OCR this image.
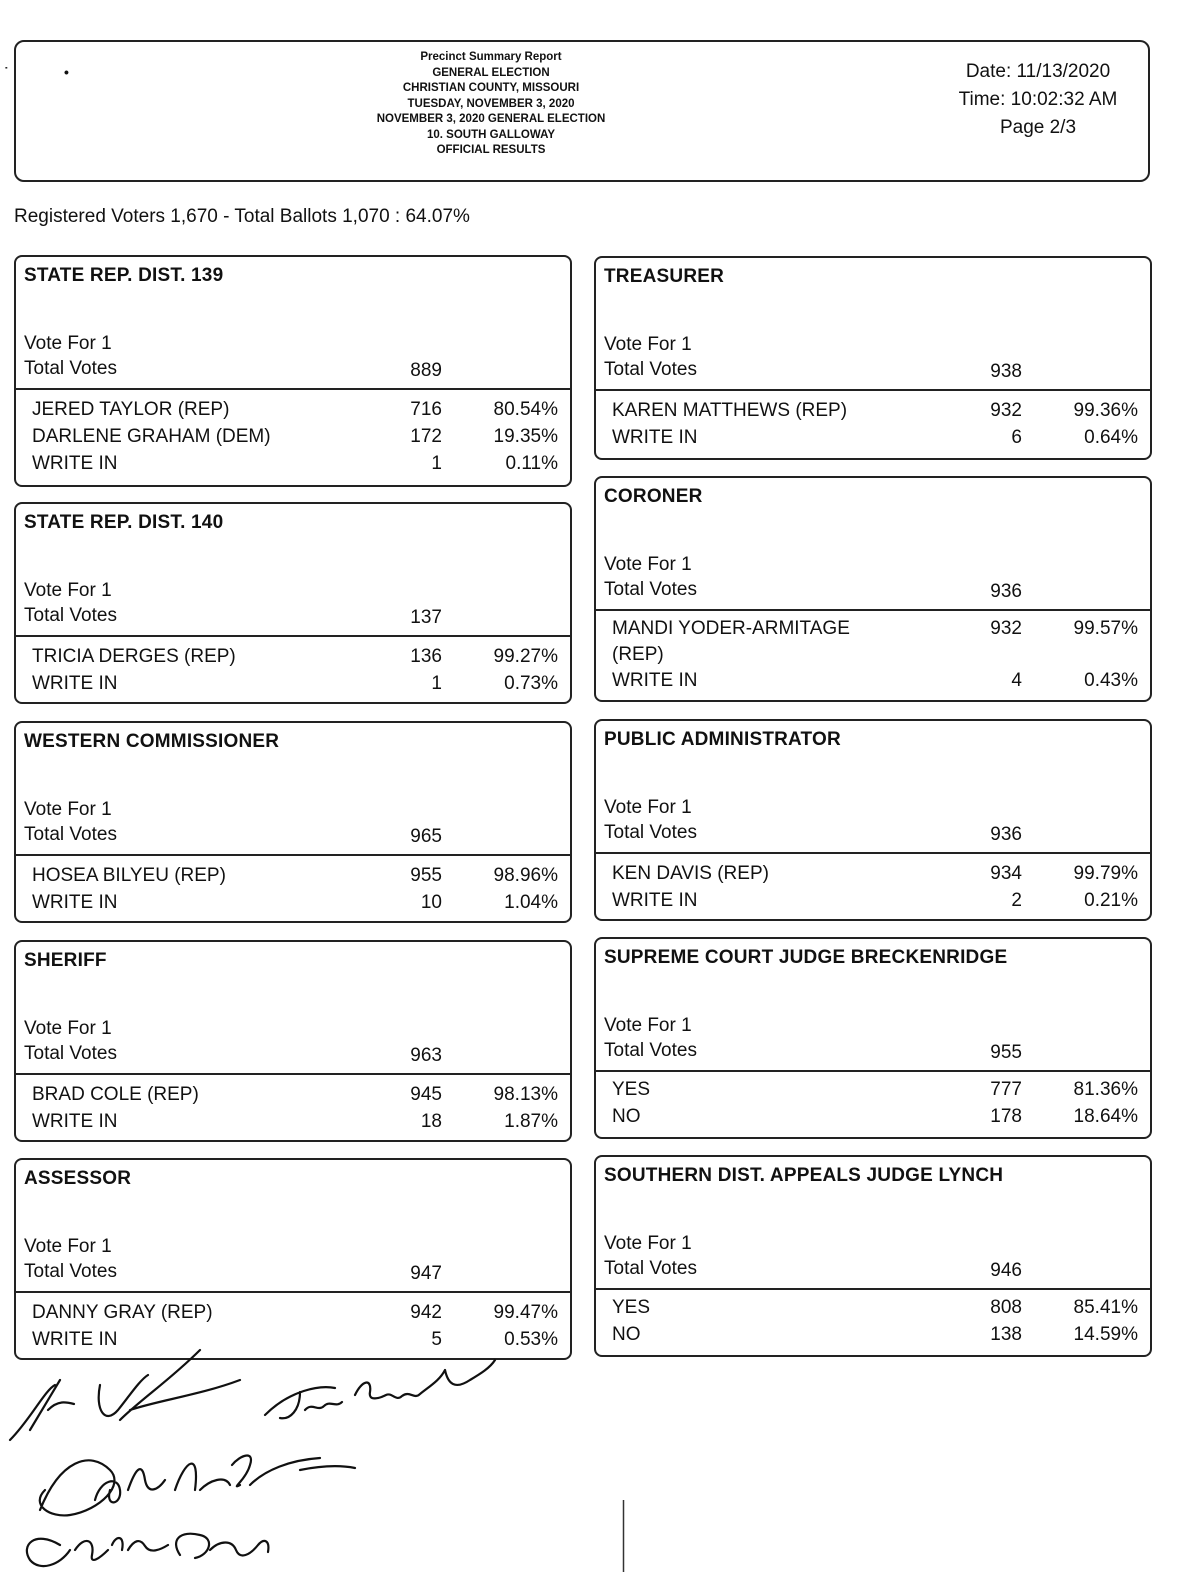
˙	•
Precinct Summary Report
GENERAL ELECTION
CHRISTIAN COUNTY, MISSOURI
TUESDAY, NOVEMBER 3, 2020
NOVEMBER 3, 2020 GENERAL ELECTION
10. SOUTH GALLOWAY
OFFICIAL RESULTS
Date: 11/13/2020
Time: 10:02:32 AM
Page 2/3
Registered Voters 1,670 - Total Ballots 1,070 : 64.07%
STATE REP. DIST. 139
Vote For 1
Total Votes	889
JERED TAYLOR (REP)	716	80.54%
DARLENE GRAHAM (DEM)	172	19.35%
WRITE IN	1	0.11%
STATE REP. DIST. 140
Vote For 1
Total Votes	137
TRICIA DERGES (REP)	136	99.27%
WRITE IN	1	0.73%
WESTERN COMMISSIONER
Vote For 1
Total Votes	965
HOSEA BILYEU (REP)	955	98.96%
WRITE IN	10	1.04%
SHERIFF
Vote For 1
Total Votes	963
BRAD COLE (REP)	945	98.13%
WRITE IN	18	1.87%
ASSESSOR
Vote For 1
Total Votes	947
DANNY GRAY (REP)	942	99.47%
WRITE IN	5	0.53%
TREASURER
Vote For 1
Total Votes	938
KAREN MATTHEWS (REP)	932	99.36%
WRITE IN	6	0.64%
CORONER
Vote For 1
Total Votes	936
MANDI YODER-ARMITAGE
(REP)
932	99.57%
WRITE IN	4	0.43%
PUBLIC ADMINISTRATOR
Vote For 1
Total Votes	936
KEN DAVIS (REP)	934	99.79%
WRITE IN	2	0.21%
SUPREME COURT JUDGE BRECKENRIDGE
Vote For 1
Total Votes	955
YES	777	81.36%
NO	178	18.64%
SOUTHERN DIST. APPEALS JUDGE LYNCH
Vote For 1
Total Votes	946
YES	808	85.41%
NO	138	14.59%
